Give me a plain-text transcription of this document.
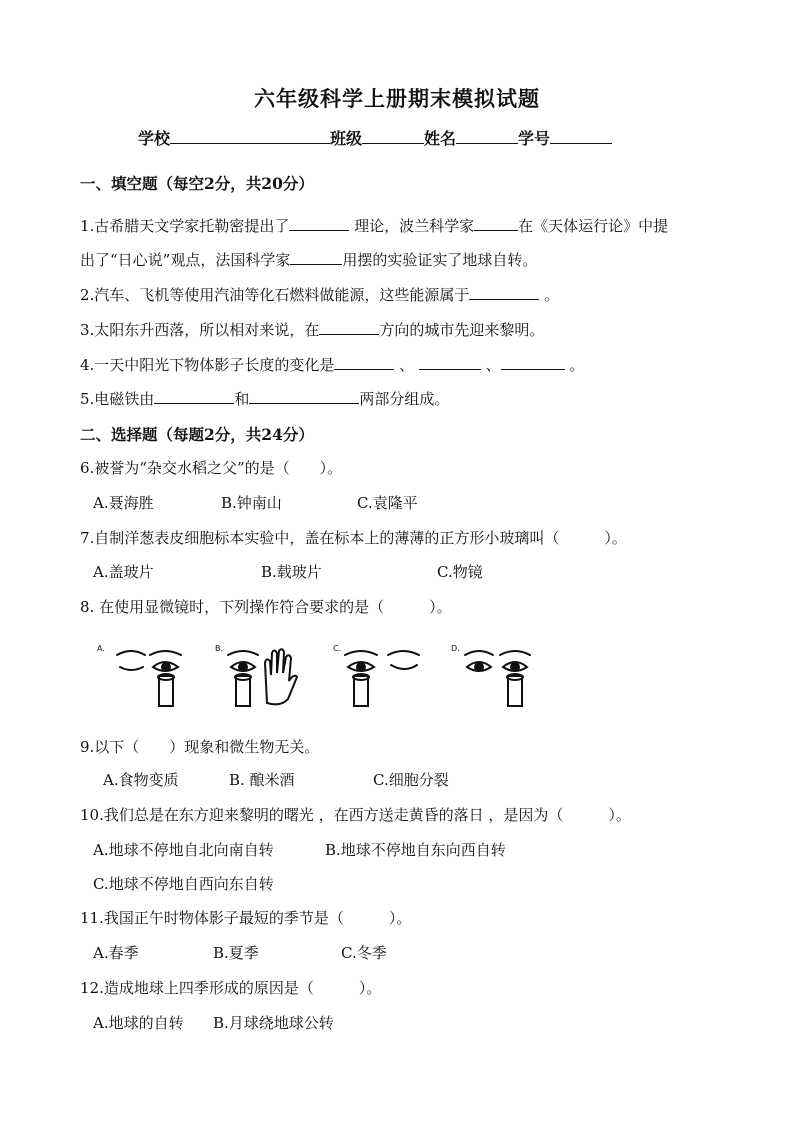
六年级科学上册期末模拟试题
学校	班级	姓名	学号
一、填空题（每空2分，共20分）
1.古希腊天文学家托勒密提出了	理论，波兰科学家	在《天体运行论》中提
出了“日心说”观点，法国科学家	用摆的实验证实了地球自转。
2.汽车、飞机等使用汽油等化石燃料做能源，这些能源属于	。
3.太阳东升西落，所以相对来说，在	方向的城市先迎来黎明。
4.一天中阳光下物体影子长度的变化是	、	、	。
5.电磁铁由	和	两部分组成。
二、选择题（每题2分，共24分）
6.被誉为“杂交水稻之父”的是（　　）。
A.聂海胜	B.钟南山	C.袁隆平
7.自制洋葱表皮细胞标本实验中，盖在标本上的薄薄的正方形小玻璃叫（　　　）。
A.盖玻片	B.载玻片	C.物镜
8. 在使用显微镜时，下列操作符合要求的是（　　　）。
A.	B.	C.	D.
9.以下（　　）现象和微生物无关。
A.食物变质	B. 酿米酒	C.细胞分裂
10.我们总是在东方迎来黎明的曙光 ，在西方送走黄昏的落日 ，是因为（　　　）。
A.地球不停地自北向南自转	B.地球不停地自东向西自转
C.地球不停地自西向东自转
11.我国正午时物体影子最短的季节是（　　　）。
A.春季	B.夏季	C.冬季
12.造成地球上四季形成的原因是（　　　）。
A.地球的自转 B.月球绕地球公转
